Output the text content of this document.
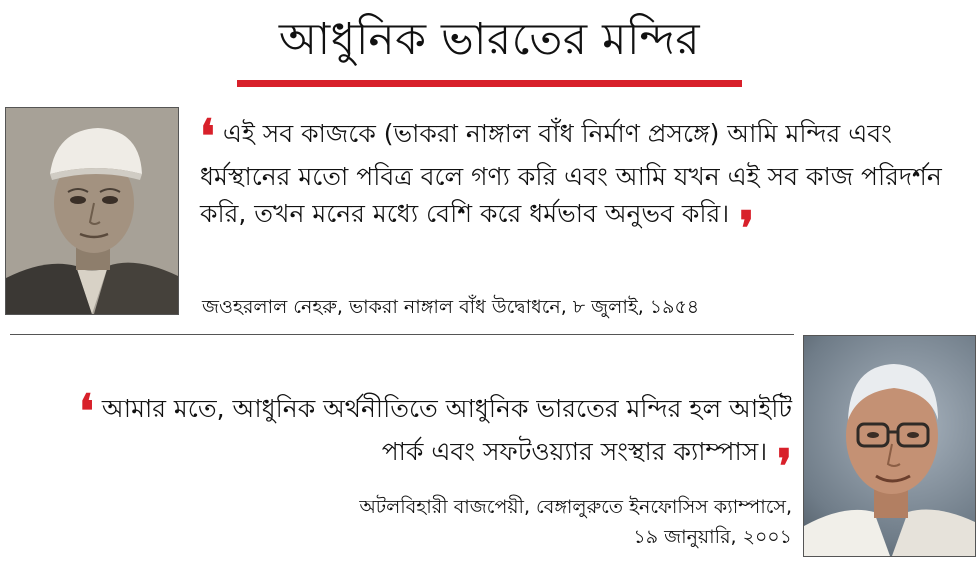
আধুনিক ভারতের মন্দির
❛ এই সব কাজকে (ভাকরা নাঙ্গাল বাঁধ নির্মাণ প্রসঙ্গে) আমি মন্দির এবং ধর্মস্থানের মতো পবিত্র বলে গণ্য করি এবং আমি যখন এই সব কাজ পরিদর্শন করি, তখন মনের মধ্যে বেশি করে ধর্মভাব অনুভব করি। ❜
জওহরলাল নেহরু, ভাকরা নাঙ্গাল বাঁধ উদ্বোধনে, ৮ জুলাই, ১৯৫৪
❛ আমার মতে, আধুনিক অর্থনীতিতে আধুনিক ভারতের মন্দির হল আইটি পার্ক এবং সফটওয়্যার সংস্থার ক্যাম্পাস। ❜
অটলবিহারী বাজপেয়ী, বেঙ্গালুরুতে ইনফোসিস ক্যাম্পাসে,
১৯ জানুয়ারি, ২০০১
